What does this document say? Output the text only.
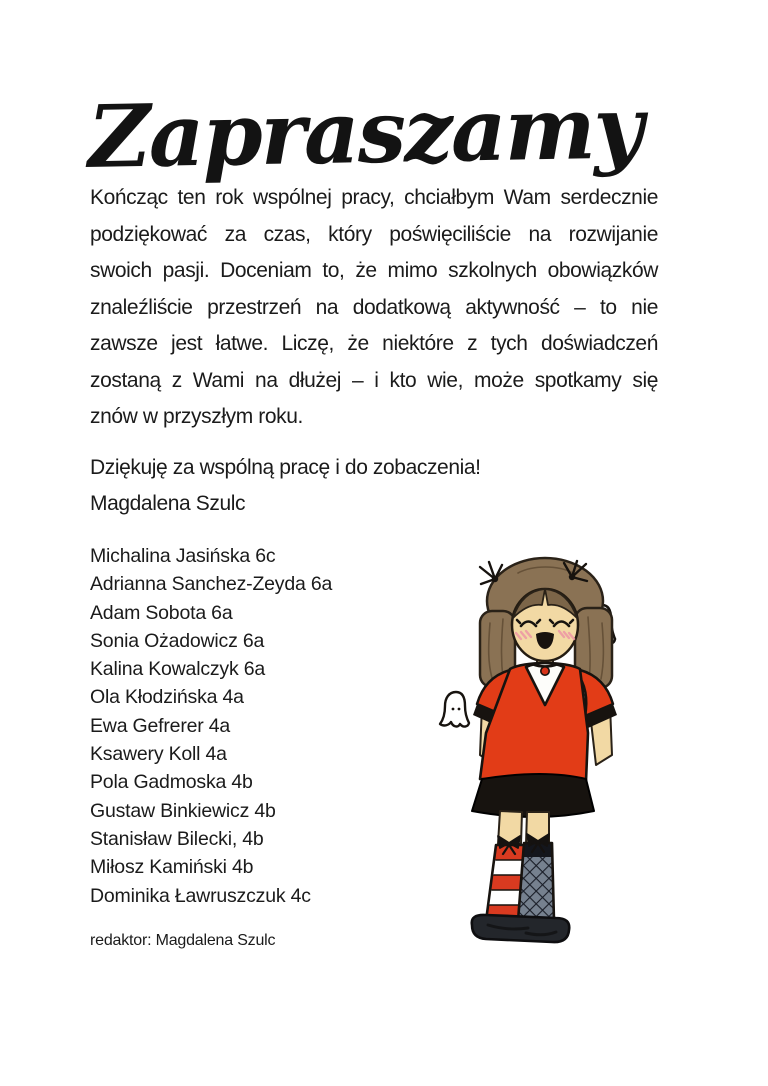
Zapraszamy
Kończąc ten rok wspólnej pracy, chciałbym Wam serdecznie
podziękować za czas, który poświęciliście na rozwijanie
swoich pasji. Doceniam to, że mimo szkolnych obowiązków
znaleźliście przestrzeń na dodatkową aktywność – to nie
zawsze jest łatwe. Liczę, że niektóre z tych doświadczeń
zostaną z Wami na dłużej – i kto wie, może spotkamy się
znów w przyszłym roku.
Dziękuję za wspólną pracę i do zobaczenia!
Magdalena Szulc
Michalina Jasińska 6c
Adrianna Sanchez-Zeyda 6a
Adam Sobota 6a
Sonia Ożadowicz 6a
Kalina Kowalczyk 6a
Ola Kłodzińska 4a
Ewa Gefrerer 4a
Ksawery Koll 4a
Pola Gadmoska 4b
Gustaw Binkiewicz 4b
Stanisław Bilecki, 4b
Miłosz Kamiński 4b
Dominika Ławruszczuk 4c
redaktor: Magdalena Szulc
